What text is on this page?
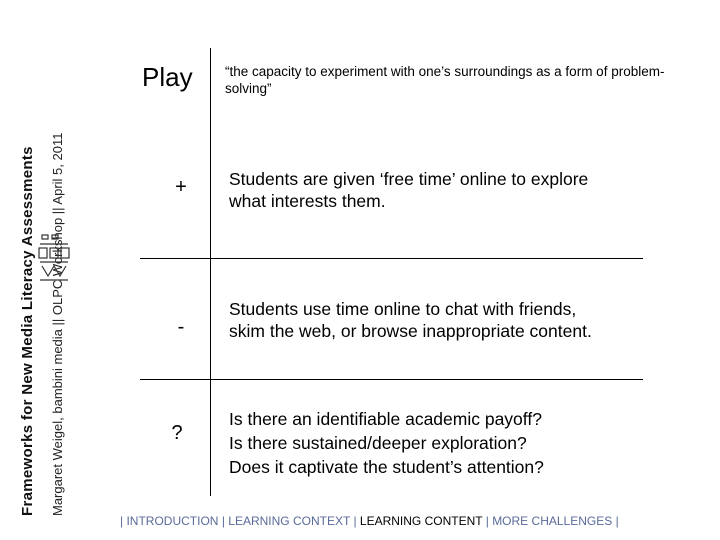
Frameworks for New Media Literacy Assessments Margaret Weigel, bambini media || OLPC Workshop || April 5, 2011
Play “the capacity to experiment with one’s surroundings as a form of problem-solving”
+	Students are given ‘free time’ online to explore
what interests them.
-
Students use time online to chat with friends,
skim the web, or browse inappropriate content.
?
Is there an identifiable academic payoff?
Is there sustained/deeper exploration?
Does it captivate the student’s attention?
| INTRODUCTION | LEARNING CONTEXT | LEARNING CONTENT | MORE CHALLENGES |
